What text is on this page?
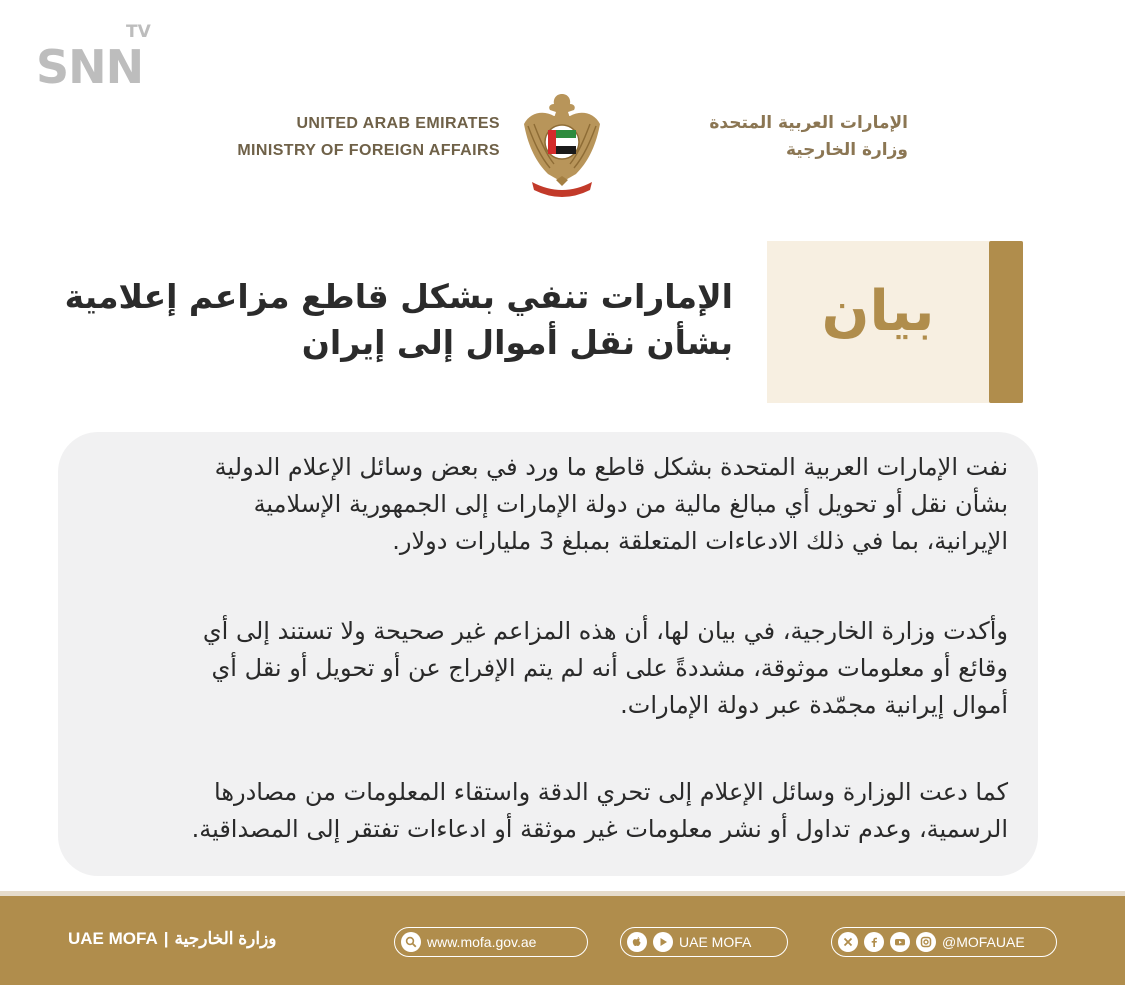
SNN
TV
UNITED ARAB EMIRATES
MINISTRY OF FOREIGN AFFAIRS
الإمارات العربية المتحدة
وزارة الخارجية
بيان
الإمارات تنفي بشكل قاطع مزاعم إعلامية
بشأن نقل أموال إلى إيران
نفت الإمارات العربية المتحدة بشكل قاطع ما ورد في بعض وسائل الإعلام الدولية
بشأن نقل أو تحويل أي مبالغ مالية من دولة الإمارات إلى الجمهورية الإسلامية
الإيرانية، بما في ذلك الادعاءات المتعلقة بمبلغ 3 مليارات دولار.
وأكدت وزارة الخارجية، في بيان لها، أن هذه المزاعم غير صحيحة ولا تستند إلى أي
وقائع أو معلومات موثوقة، مشددةً على أنه لم يتم الإفراج عن أو تحويل أو نقل أي
أموال إيرانية مجمّدة عبر دولة الإمارات.
كما دعت الوزارة وسائل الإعلام إلى تحري الدقة واستقاء المعلومات من مصادرها
الرسمية، وعدم تداول أو نشر معلومات غير موثقة أو ادعاءات تفتقر إلى المصداقية.
UAE MOFA | وزارة الخارجية	www.mofa.gov.ae	UAE MOFA	@MOFAUAE
